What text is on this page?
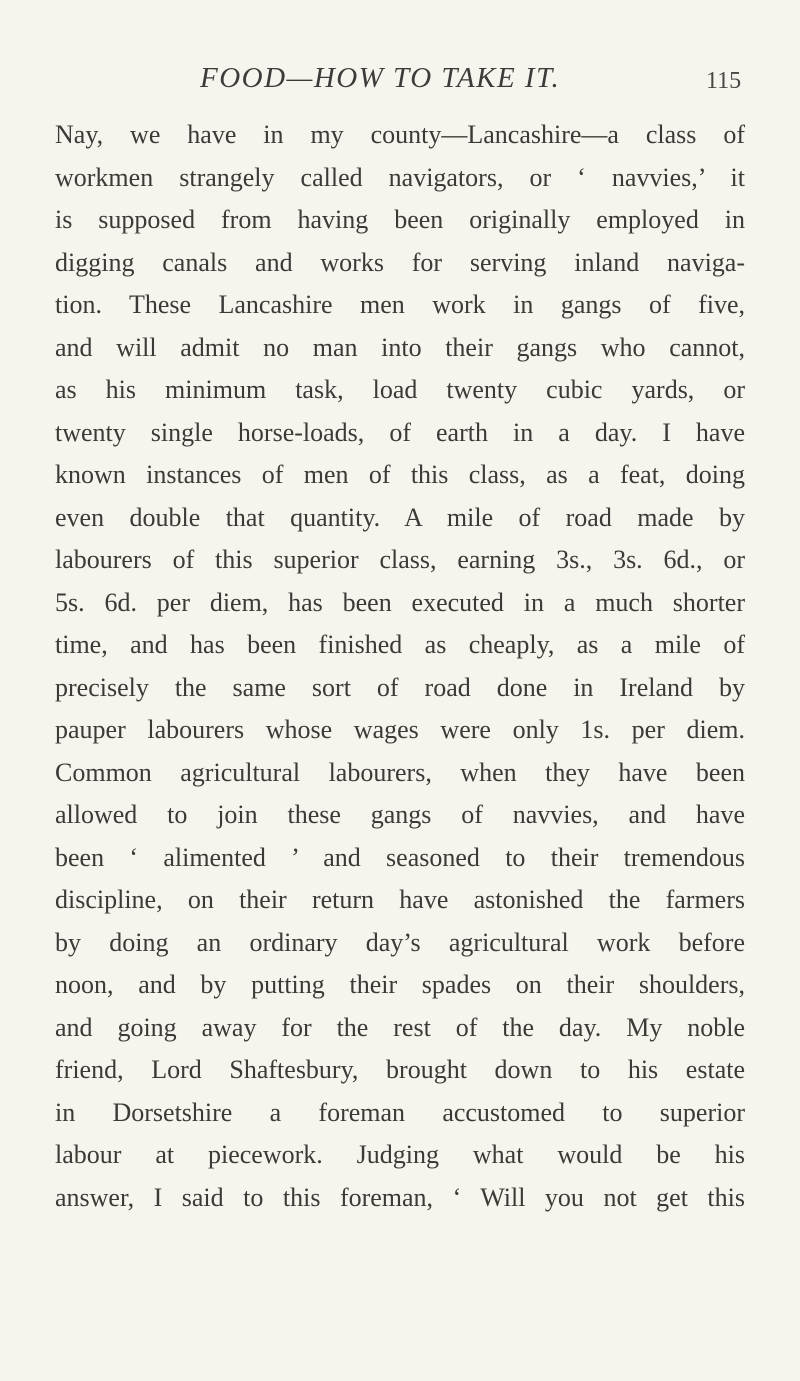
FOOD—HOW TO TAKE IT.	115
Nay, we have in my county—Lancashire—a class of
workmen strangely called navigators, or ‘ navvies,’ it
is supposed from having been originally employed in
digging canals and works for serving inland naviga-
tion. These Lancashire men work in gangs of five,
and will admit no man into their gangs who cannot,
as his minimum task, load twenty cubic yards, or
twenty single horse-loads, of earth in a day. I have
known instances of men of this class, as a feat, doing
even double that quantity. A mile of road made by
labourers of this superior class, earning 3s., 3s. 6d., or
5s. 6d. per diem, has been executed in a much shorter
time, and has been finished as cheaply, as a mile of
precisely the same sort of road done in Ireland by
pauper labourers whose wages were only 1s. per diem.
Common agricultural labourers, when they have been
allowed to join these gangs of navvies, and have
been ‘ alimented ’ and seasoned to their tremendous
discipline, on their return have astonished the farmers
by doing an ordinary day’s agricultural work before
noon, and by putting their spades on their shoulders,
and going away for the rest of the day. My noble
friend, Lord Shaftesbury, brought down to his estate
in Dorsetshire a foreman accustomed to superior
labour at piecework. Judging what would be his
answer, I said to this foreman, ‘ Will you not get this
